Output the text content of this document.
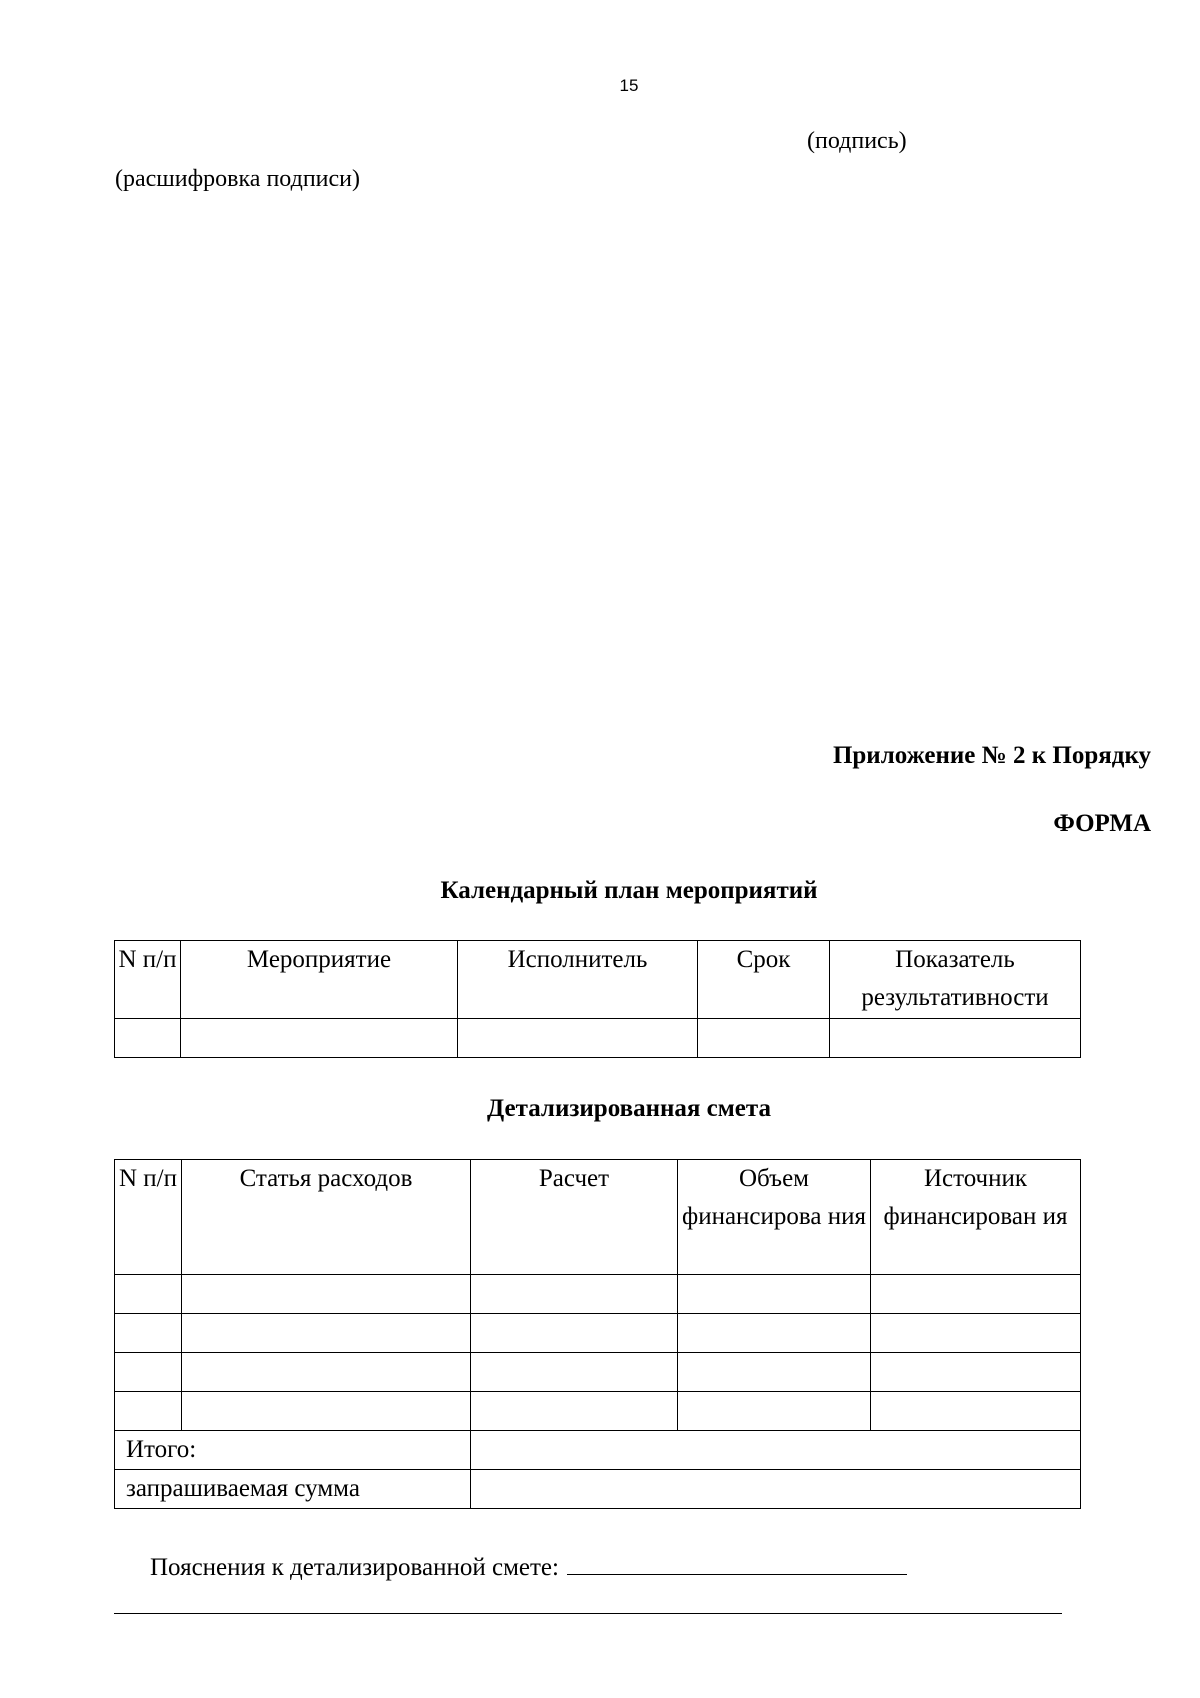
15
(подпись)
(расшифровка подписи)
Приложение № 2 к Порядку
ФОРМА
Календарный план мероприятий
N п/п	Мероприятие	Исполнитель	Срок	Показатель результативности

Детализированная смета
N п/п	Статья расходов	Расчет	Объем финансирова ния	Источник финансирован ия

Итого:				
запрашиваемая сумма				
Пояснения к детализированной смете:
